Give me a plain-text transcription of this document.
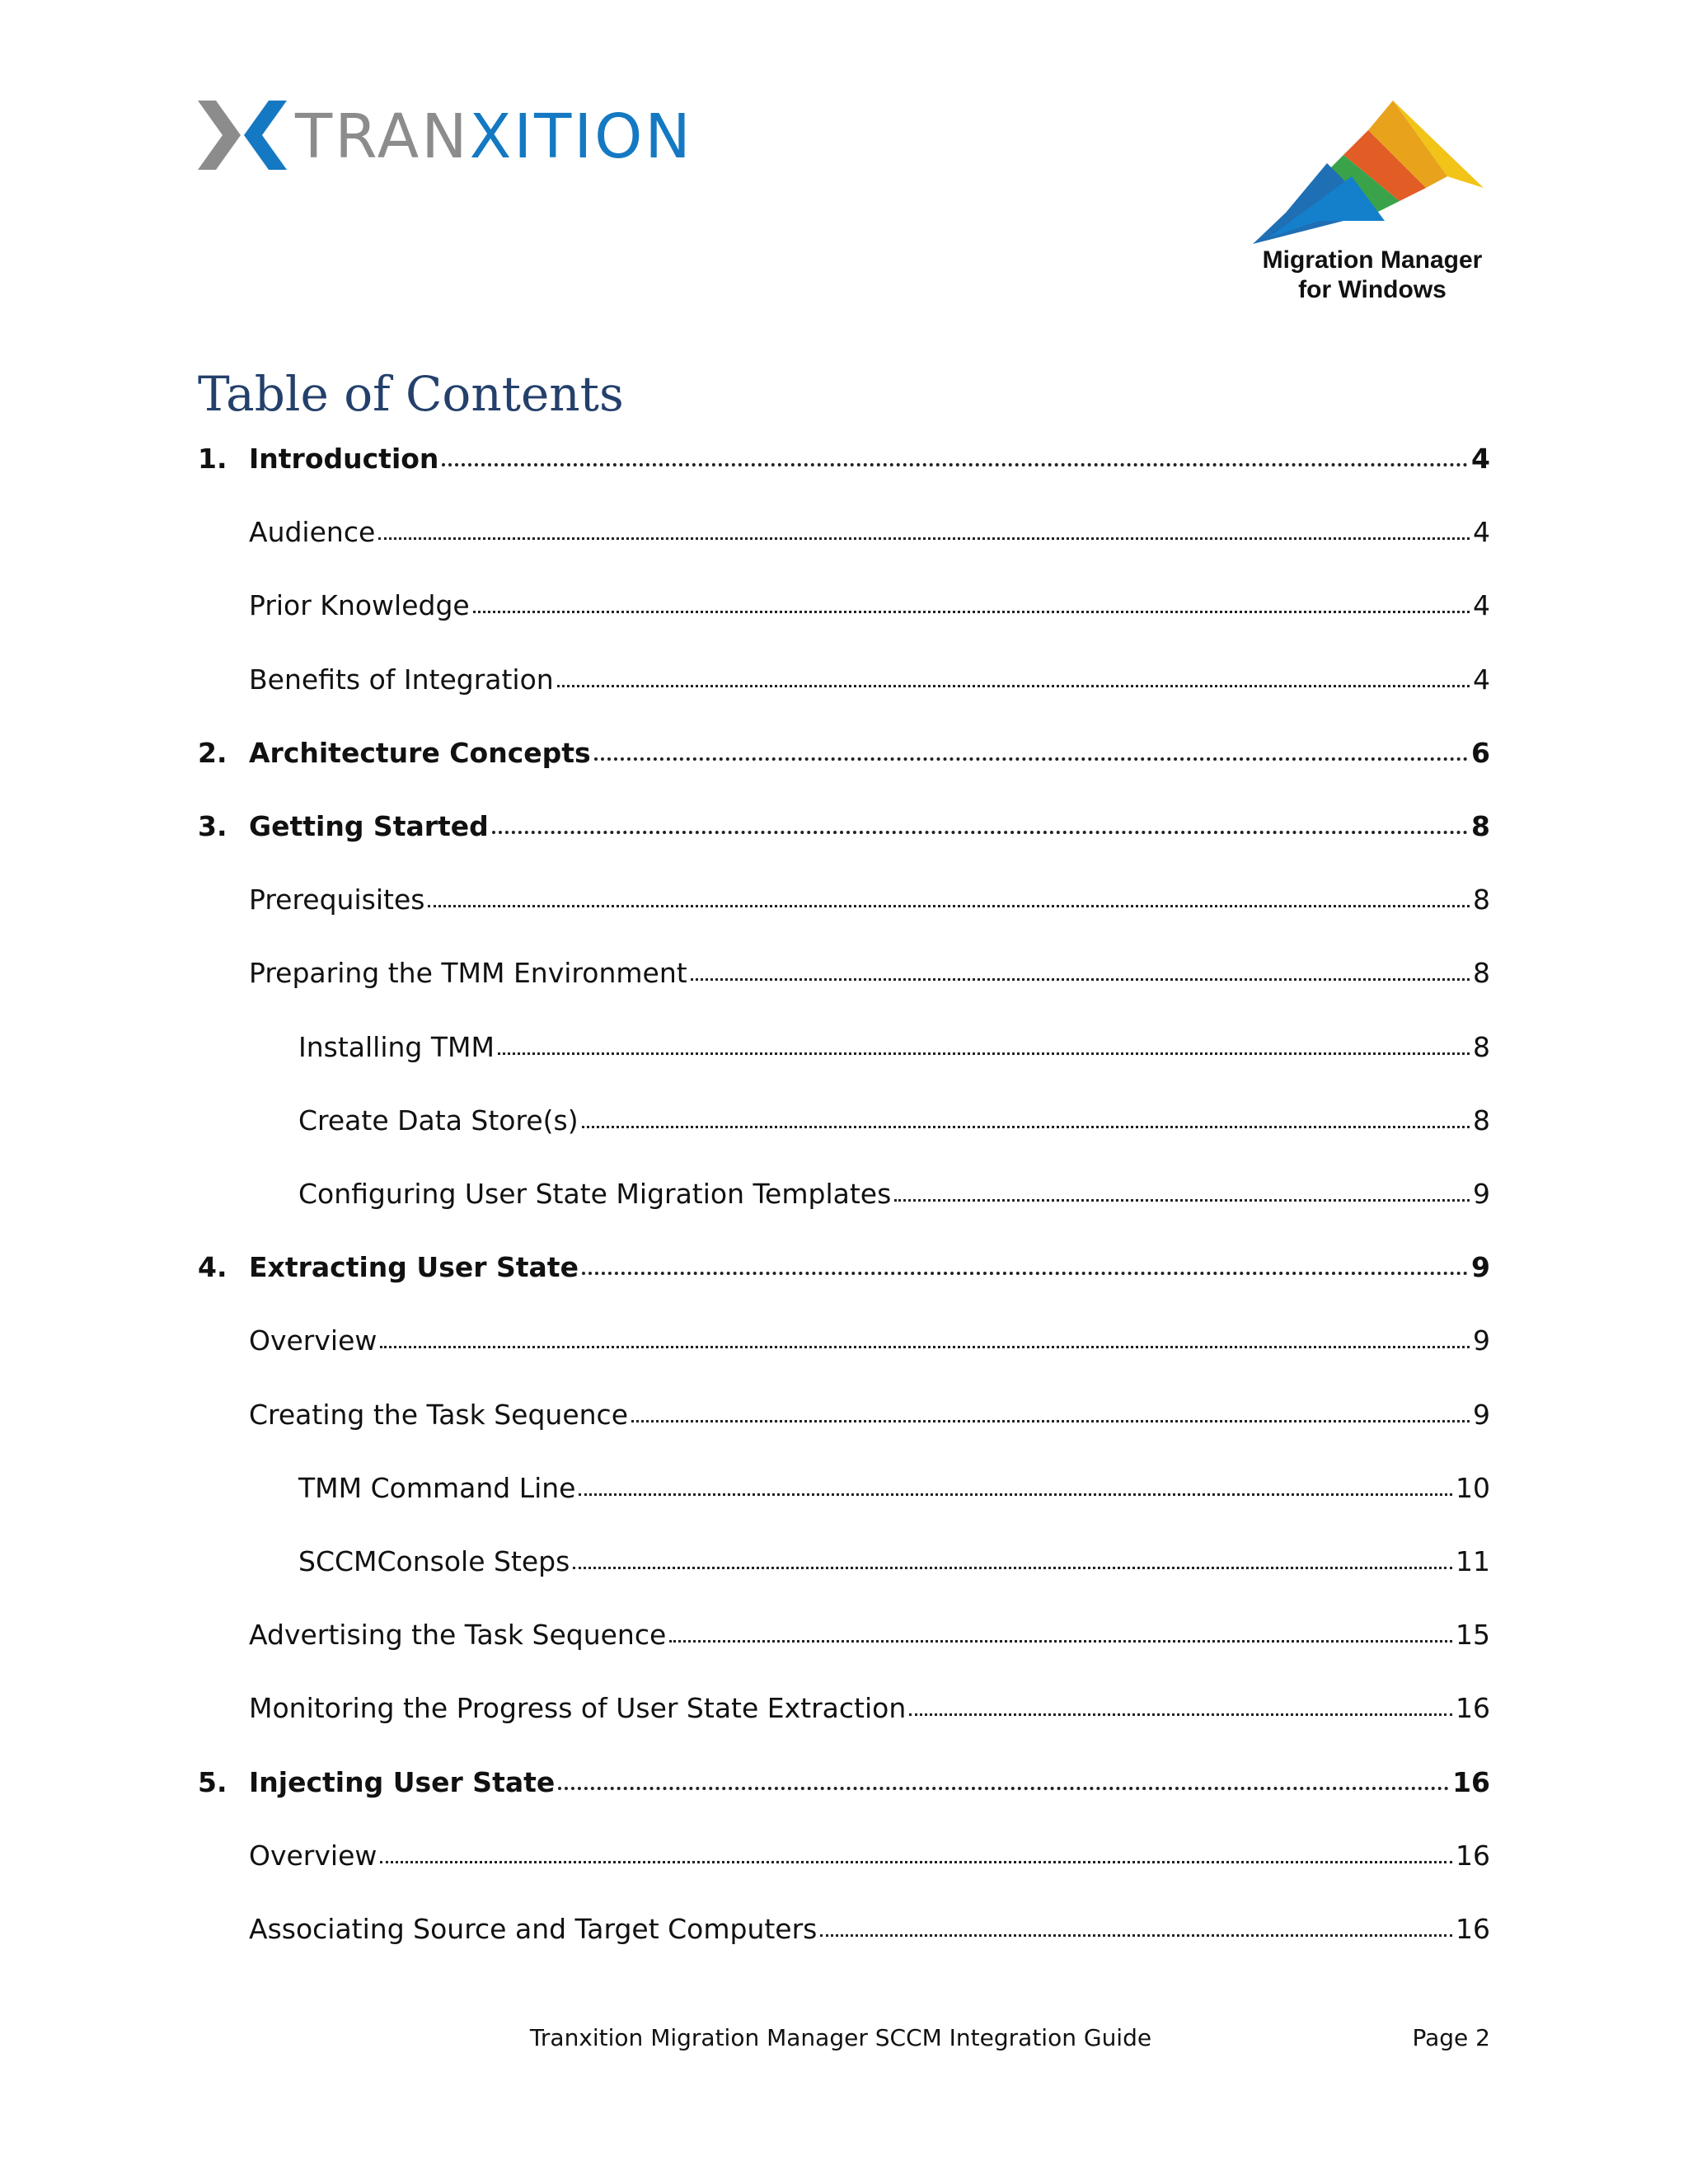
TRANXITION
Migration Manager
for Windows
Table of Contents
1. Introduction	4
Audience	4
Prior Knowledge	4
Benefits of Integration	4
2. Architecture Concepts	6
3. Getting Started	8
Prerequisites	8
Preparing the TMM Environment	8
Installing TMM	8
Create Data Store(s)	8
Configuring User State Migration Templates	9
4. Extracting User State	9
Overview	9
Creating the Task Sequence	9
TMM Command Line	10
SCCMConsole Steps	11
Advertising the Task Sequence	15
Monitoring the Progress of User State Extraction	16
5. Injecting User State	16
Overview	16
Associating Source and Target Computers	16
Tranxition Migration Manager SCCM Integration Guide	Page 2
